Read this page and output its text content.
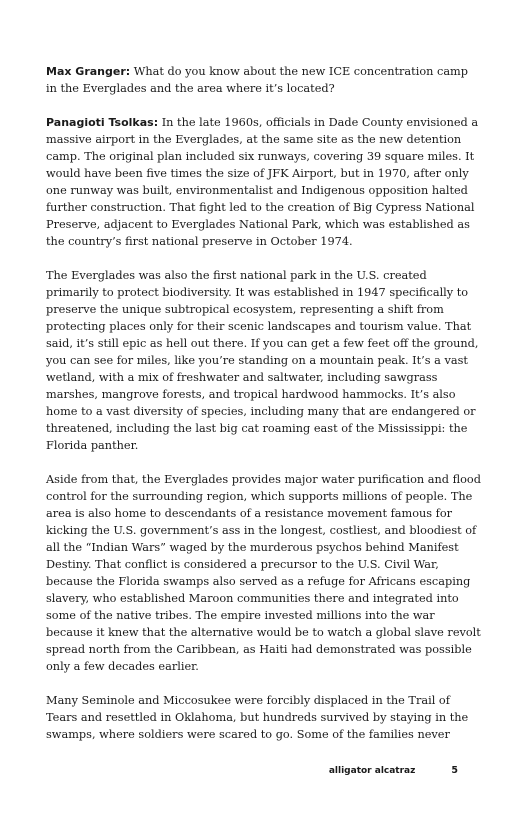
Max Granger: What do you know about the new ICE concentration camp in the Everglades and the area where it’s located?

Panagioti Tsolkas: In the late 1960s, officials in Dade County envisioned a massive airport in the Everglades, at the same site as the new detention camp. The original plan included six runways, covering 39 square miles. It would have been five times the size of JFK Airport, but in 1970, after only one runway was built, environmentalist and Indigenous opposition halted further construction. That fight led to the creation of Big Cypress National Preserve, adjacent to Everglades National Park, which was established as the country’s first national preserve in October 1974.

The Everglades was also the first national park in the U.S. created primarily to protect biodiversity. It was established in 1947 specifically to preserve the unique subtropical ecosystem, representing a shift from protecting places only for their scenic landscapes and tourism value. That said, it’s still epic as hell out there. If you can get a few feet off the ground, you can see for miles, like you’re standing on a mountain peak. It’s a vast wetland, with a mix of freshwater and saltwater, including sawgrass marshes, mangrove forests, and tropical hardwood hammocks. It’s also home to a vast diversity of species, including many that are endangered or threatened, including the last big cat roaming east of the Mississippi: the Florida panther.

Aside from that, the Everglades provides major water purification and flood control for the surrounding region, which supports millions of people. The area is also home to descendants of a resistance movement famous for kicking the U.S. government’s ass in the longest, costliest, and bloodiest of all the “Indian Wars” waged by the murderous psychos behind Manifest Destiny. That conflict is considered a precursor to the U.S. Civil War, because the Florida swamps also served as a refuge for Africans escaping slavery, who established Maroon communities there and integrated into some of the native tribes. The empire invested millions into the war because it knew that the alternative would be to watch a global slave revolt spread north from the Caribbean, as Haiti had demonstrated was possible only a few decades earlier.

Many Seminole and Miccosukee were forcibly displaced in the Trail of Tears and resettled in Oklahoma, but hundreds survived by staying in the swamps, where soldiers were scared to go. Some of the families never

alligator alcatraz	5
